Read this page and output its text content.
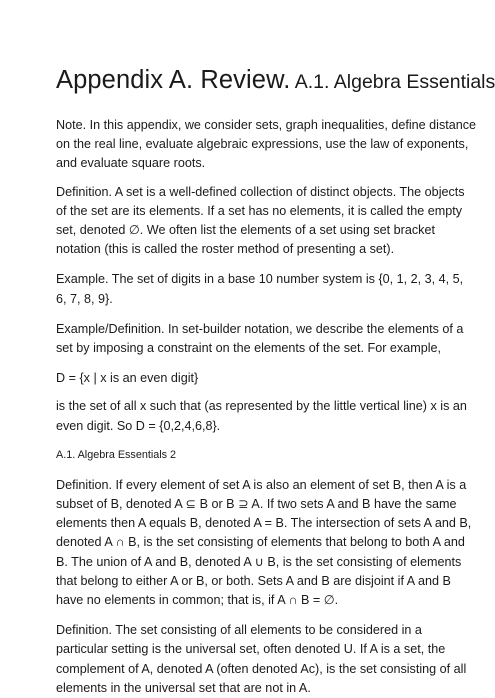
Appendix A. Review. A.1. Algebra Essentials

Note. In this appendix, we consider sets, graph inequalities, define distance
on the real line, evaluate algebraic expressions, use the law of exponents,
and evaluate square roots.

Definition. A set is a well-defined collection of distinct objects. The objects
of the set are its elements. If a set has no elements, it is called the empty
set, denoted ∅. We often list the elements of a set using set bracket
notation (this is called the roster method of presenting a set).

Example. The set of digits in a base 10 number system is {0, 1, 2, 3, 4, 5,
6, 7, 8, 9}.

Example/Definition. In set-builder notation, we describe the elements of a
set by imposing a constraint on the elements of the set. For example,

D = {x | x is an even digit}

is the set of all x such that (as represented by the little vertical line) x is an
even digit. So D = {0,2,4,6,8}.

A.1. Algebra Essentials 2

Definition. If every element of set A is also an element of set B, then A is a
subset of B, denoted A ⊆ B or B ⊇ A. If two sets A and B have the same
elements then A equals B, denoted A = B. The intersection of sets A and B,
denoted A ∩ B, is the set consisting of elements that belong to both A and
B. The union of A and B, denoted A ∪ B, is the set consisting of elements
that belong to either A or B, or both. Sets A and B are disjoint if A and B
have no elements in common; that is, if A ∩ B = ∅.

Definition. The set consisting of all elements to be considered in a
particular setting is the universal set, often denoted U. If A is a set, the
complement of A, denoted A (often denoted Ac), is the set consisting of all
elements in the universal set that are not in A.
